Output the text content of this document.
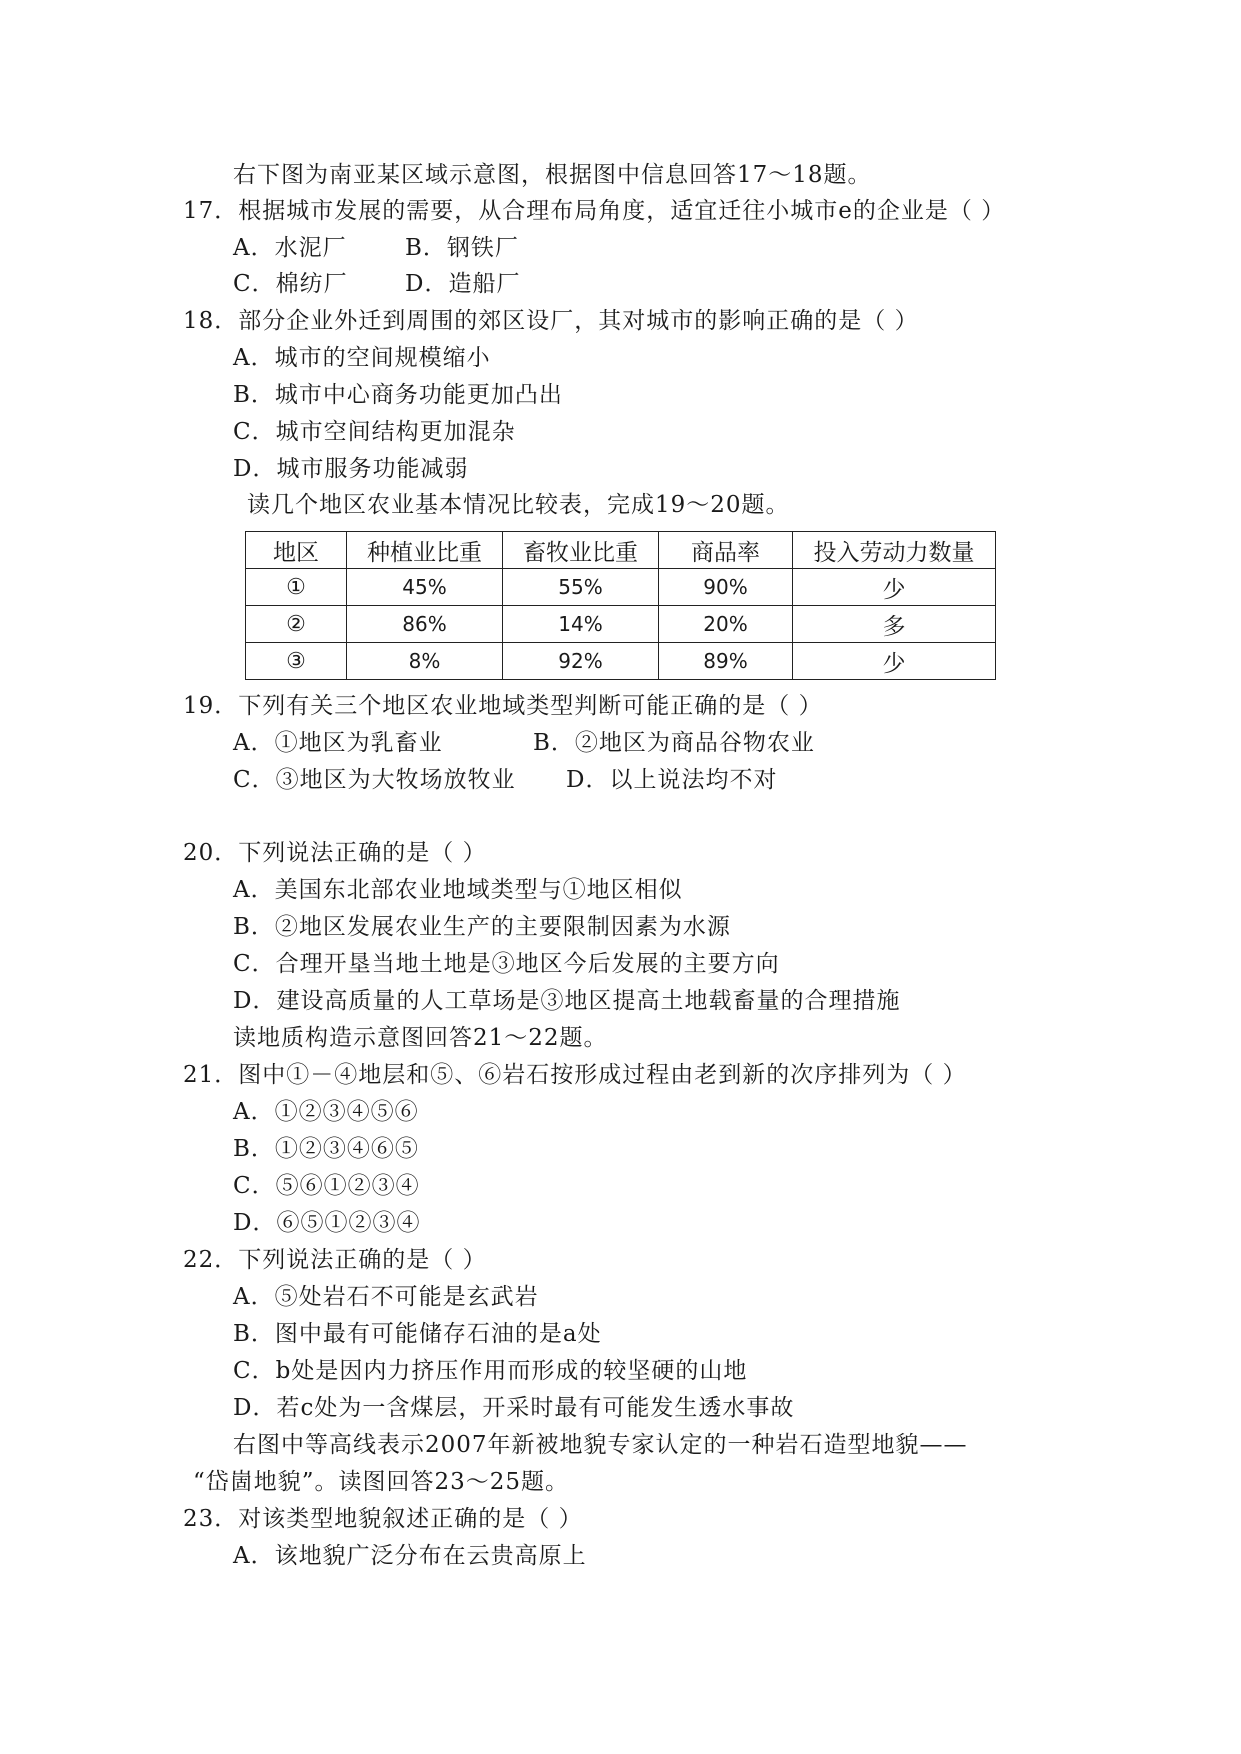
右下图为南亚某区域示意图，根据图中信息回答17～18题。
17．根据城市发展的需要，从合理布局角度，适宜迁往小城市e的企业是（ ）
A．水泥厂	B．钢铁厂
C．棉纺厂 D．造船厂
18．部分企业外迁到周围的郊区设厂，其对城市的影响正确的是（ ）
A．城市的空间规模缩小
B．城市中心商务功能更加凸出
C．城市空间结构更加混杂
D．城市服务功能减弱
读几个地区农业基本情况比较表，完成19～20题。
地区	种植业比重	畜牧业比重	商品率	投入劳动力数量
①	45%	55%	90%	少
②	86%	14%	20%	多
③	8%	92%	89%	少
19．下列有关三个地区农业地域类型判断可能正确的是（ ）
A．①地区为乳畜业	B．②地区为商品谷物农业
C．③地区为大牧场放牧业 D．以上说法均不对
20．下列说法正确的是（ ）
A．美国东北部农业地域类型与①地区相似
B．②地区发展农业生产的主要限制因素为水源
C．合理开垦当地土地是③地区今后发展的主要方向
D．建设高质量的人工草场是③地区提高土地载畜量的合理措施
读地质构造示意图回答21～22题。
21．图中①－④地层和⑤、⑥岩石按形成过程由老到新的次序排列为（ ）
A．①②③④⑤⑥
B．①②③④⑥⑤
C．⑤⑥①②③④
D．⑥⑤①②③④
22．下列说法正确的是（ ）
A．⑤处岩石不可能是玄武岩
B．图中最有可能储存石油的是a处
C．b处是因内力挤压作用而形成的较坚硬的山地
D．若c处为一含煤层，开采时最有可能发生透水事故
右图中等高线表示2007年新被地貌专家认定的一种岩石造型地貌——
“岱崮地貌”。读图回答23～25题。
23．对该类型地貌叙述正确的是（ ）
A．该地貌广泛分布在云贵高原上
